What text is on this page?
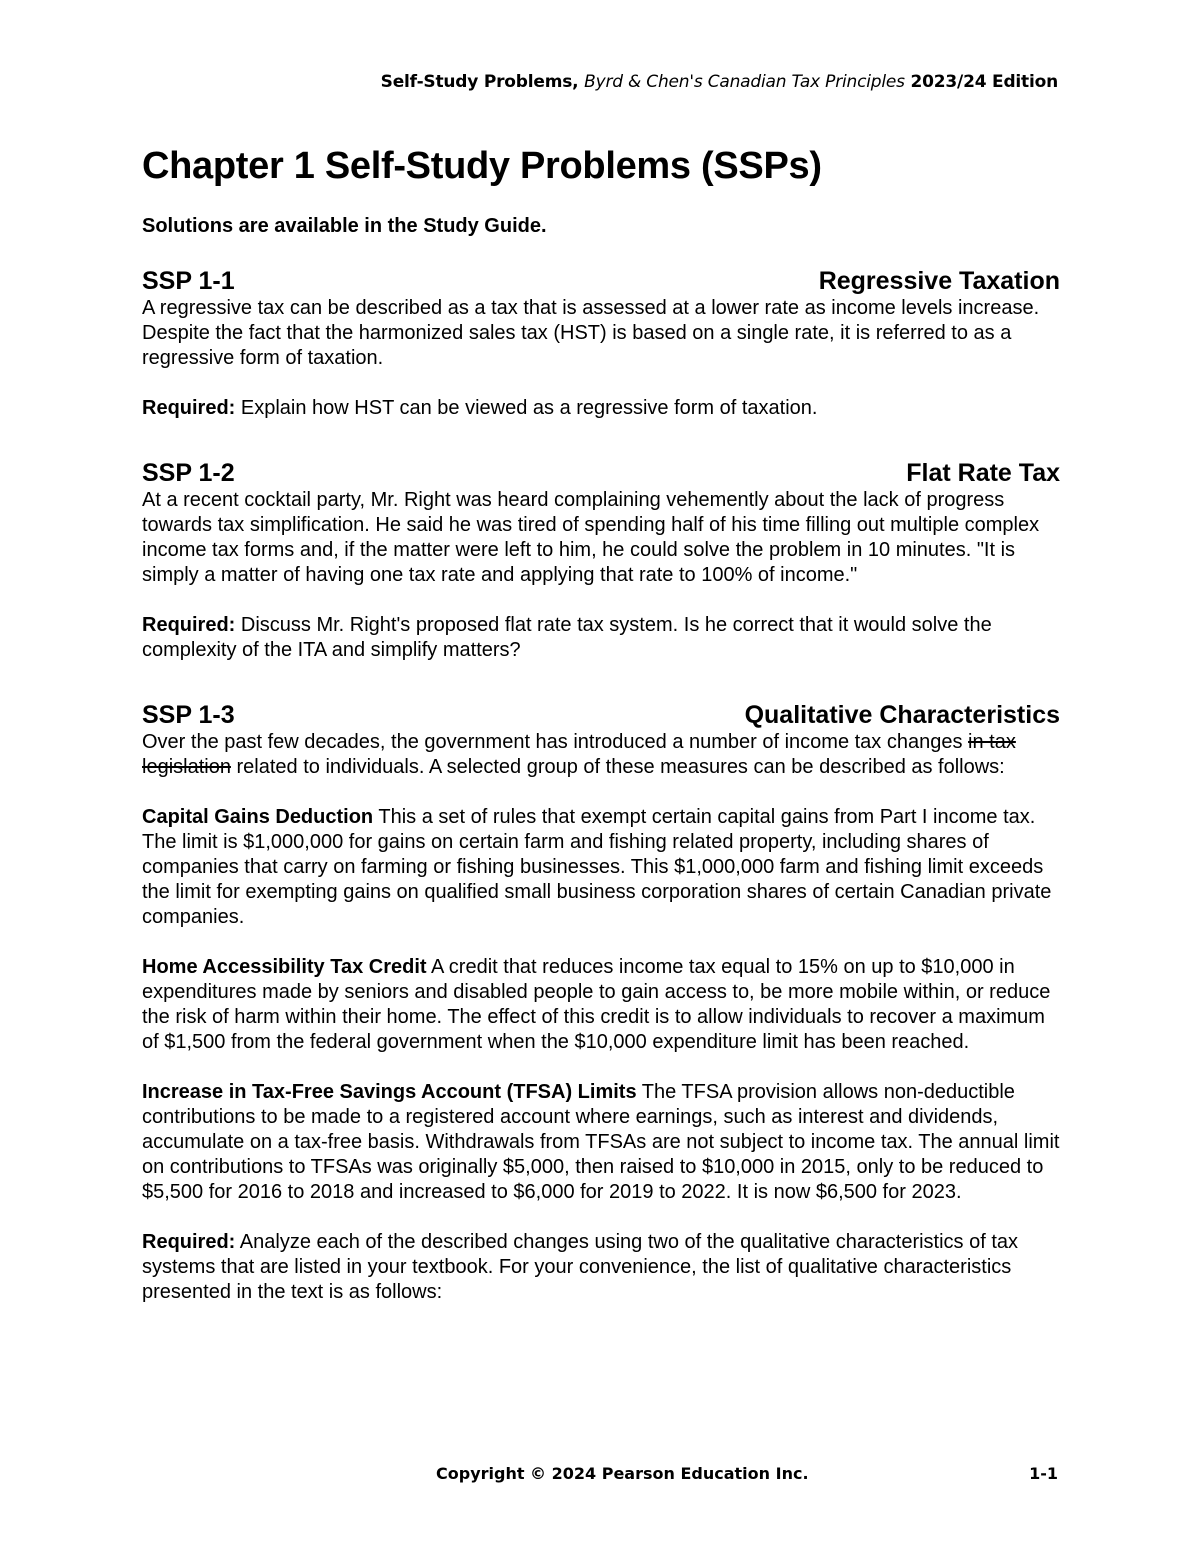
Self-Study Problems, Byrd & Chen's Canadian Tax Principles 2023/24 Edition
Chapter 1 Self-Study Problems (SSPs)
Solutions are available in the Study Guide.
SSP 1-1	Regressive Taxation

A regressive tax can be described as a tax that is assessed at a lower rate as income levels increase. Despite the fact that the harmonized sales tax (HST) is based on a single rate, it is referred to as a regressive form of taxation.

Required: Explain how HST can be viewed as a regressive form of taxation.

SSP 1-2	Flat Rate Tax

At a recent cocktail party, Mr. Right was heard complaining vehemently about the lack of progress towards tax simplification. He said he was tired of spending half of his time filling out multiple complex income tax forms and, if the matter were left to him, he could solve the problem in 10 minutes. "It is simply a matter of having one tax rate and applying that rate to 100% of income."

Required: Discuss Mr. Right's proposed flat rate tax system. Is he correct that it would solve the complexity of the ITA and simplify matters?

SSP 1-3	Qualitative Characteristics

Over the past few decades, the government has introduced a number of income tax changes in tax legislation related to individuals. A selected group of these measures can be described as follows:

Capital Gains Deduction This a set of rules that exempt certain capital gains from Part I income tax. The limit is $1,000,000 for gains on certain farm and fishing related property, including shares of companies that carry on farming or fishing businesses. This $1,000,000 farm and fishing limit exceeds the limit for exempting gains on qualified small business corporation shares of certain Canadian private companies.

Home Accessibility Tax Credit A credit that reduces income tax equal to 15% on up to $10,000 in expenditures made by seniors and disabled people to gain access to, be more mobile within, or reduce the risk of harm within their home. The effect of this credit is to allow individuals to recover a maximum of $1,500 from the federal government when the $10,000 expenditure limit has been reached.

Increase in Tax-Free Savings Account (TFSA) Limits The TFSA provision allows non-deductible contributions to be made to a registered account where earnings, such as interest and dividends, accumulate on a tax-free basis. Withdrawals from TFSAs are not subject to income tax. The annual limit on contributions to TFSAs was originally $5,000, then raised to $10,000 in 2015, only to be reduced to $5,500 for 2016 to 2018 and increased to $6,000 for 2019 to 2022. It is now $6,500 for 2023.

Required: Analyze each of the described changes using two of the qualitative characteristics of tax systems that are listed in your textbook. For your convenience, the list of qualitative characteristics presented in the text is as follows:

Copyright © 2024 Pearson Education Inc.	1-1
